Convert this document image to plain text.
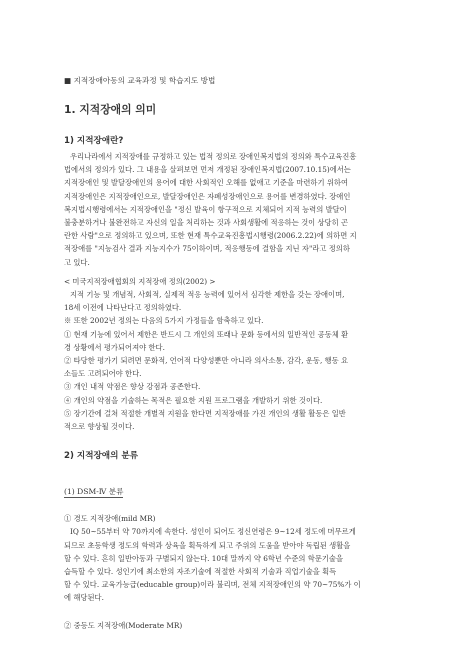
■ 지적장애아동의 교육과정 및 학습지도 방법
1. 지적장애의 의미
1) 지적장애란?
우리나라에서 지적장애를 규정하고 있는 법적 정의로 장애인복지법의 정의와 특수교육진흥
법에서의 정의가 있다. 그 내용을 살펴보면 먼저 개정된 장애인복지법(2007.10.15)에서는
지적장애인 및 발달장애인의 용어에 대한 사회적인 오해를 없애고 기준을 마련하기 위하여
지적장애인은 지적장애인으로, 발달장애인은 자폐성장애인으로 용어를 변경하였다. 장애인
복지법시행령에서는 지적장애인을 "정신 발육이 항구적으로 지체되어 지적 능력의 발달이
불충분하거나 불완전하고 자신의 일을 처리하는 것과 사회생활에 적응하는 것이 상당히 곤
란한 사람"으로 정의하고 있으며, 또한 현재 특수교육진흥법시행령(2006.2.22)에 의하면 지
적장애를 "지능검사 결과 지능지수가 75이하이며, 적응행동에 결함을 지닌 자"라고 정의하
고 있다.
< 미국지적장애협회의 지적장애 정의(2002) >
지적 기능 및 개념적, 사회적, 실제적 적응 능력에 있어서 심각한 제한을 갖는 장애이며,
18세 이전에 나타난다고 정의하였다.
※ 또한 2002년 정의는 다음의 5가지 가정들을 함축하고 있다.
① 현재 기능에 있어서 제한은 반드시 그 개인의 또래나 문화 등에서의 일반적인 공동체 환
경 상황에서 평가되어져야 한다.
② 타당한 평가기 되려면 문화적, 언어적 다양성뿐만 아니라 의사소통, 감각, 운동, 행동 요
소들도 고려되어야 한다.
③ 개인 내적 약점은 향상 강점과 공존한다.
④ 개인의 약점을 기술하는 목적은 필요한 지원 프로그램을 개발하기 위한 것이다.
⑤ 장기간에 걸쳐 적절한 개별적 지원을 한다면 지적장애를 가진 개인의 생활 활동은 일반
적으로 향상될 것이다.
2) 지적장애의 분류
(1) DSM-Ⅳ 분류
① 경도 지적장애(mild MR)
IQ 50~55부터 약 70까지에 속한다. 성인이 되어도 정신연령은 9~12세 정도에 머무르게
되므로 초등학생 정도의 학력과 상육을 획득하게 되고 주위의 도움을 받아야 독립된 생활을
할 수 있다. 흔히 일반아동과 구별되지 않는다. 10대 말까지 약 6학년 수준의 학문기술을
습득할 수 있다. 성인기에 최소한의 자조기술에 적절한 사회적 기술과 직업기술을 획득
할 수 있다. 교육가능급(educable group)이라 불리며, 전체 지적장애인의 약 70~75%가 이
에 해당된다.
② 중등도 지적장애(Moderate MR)
